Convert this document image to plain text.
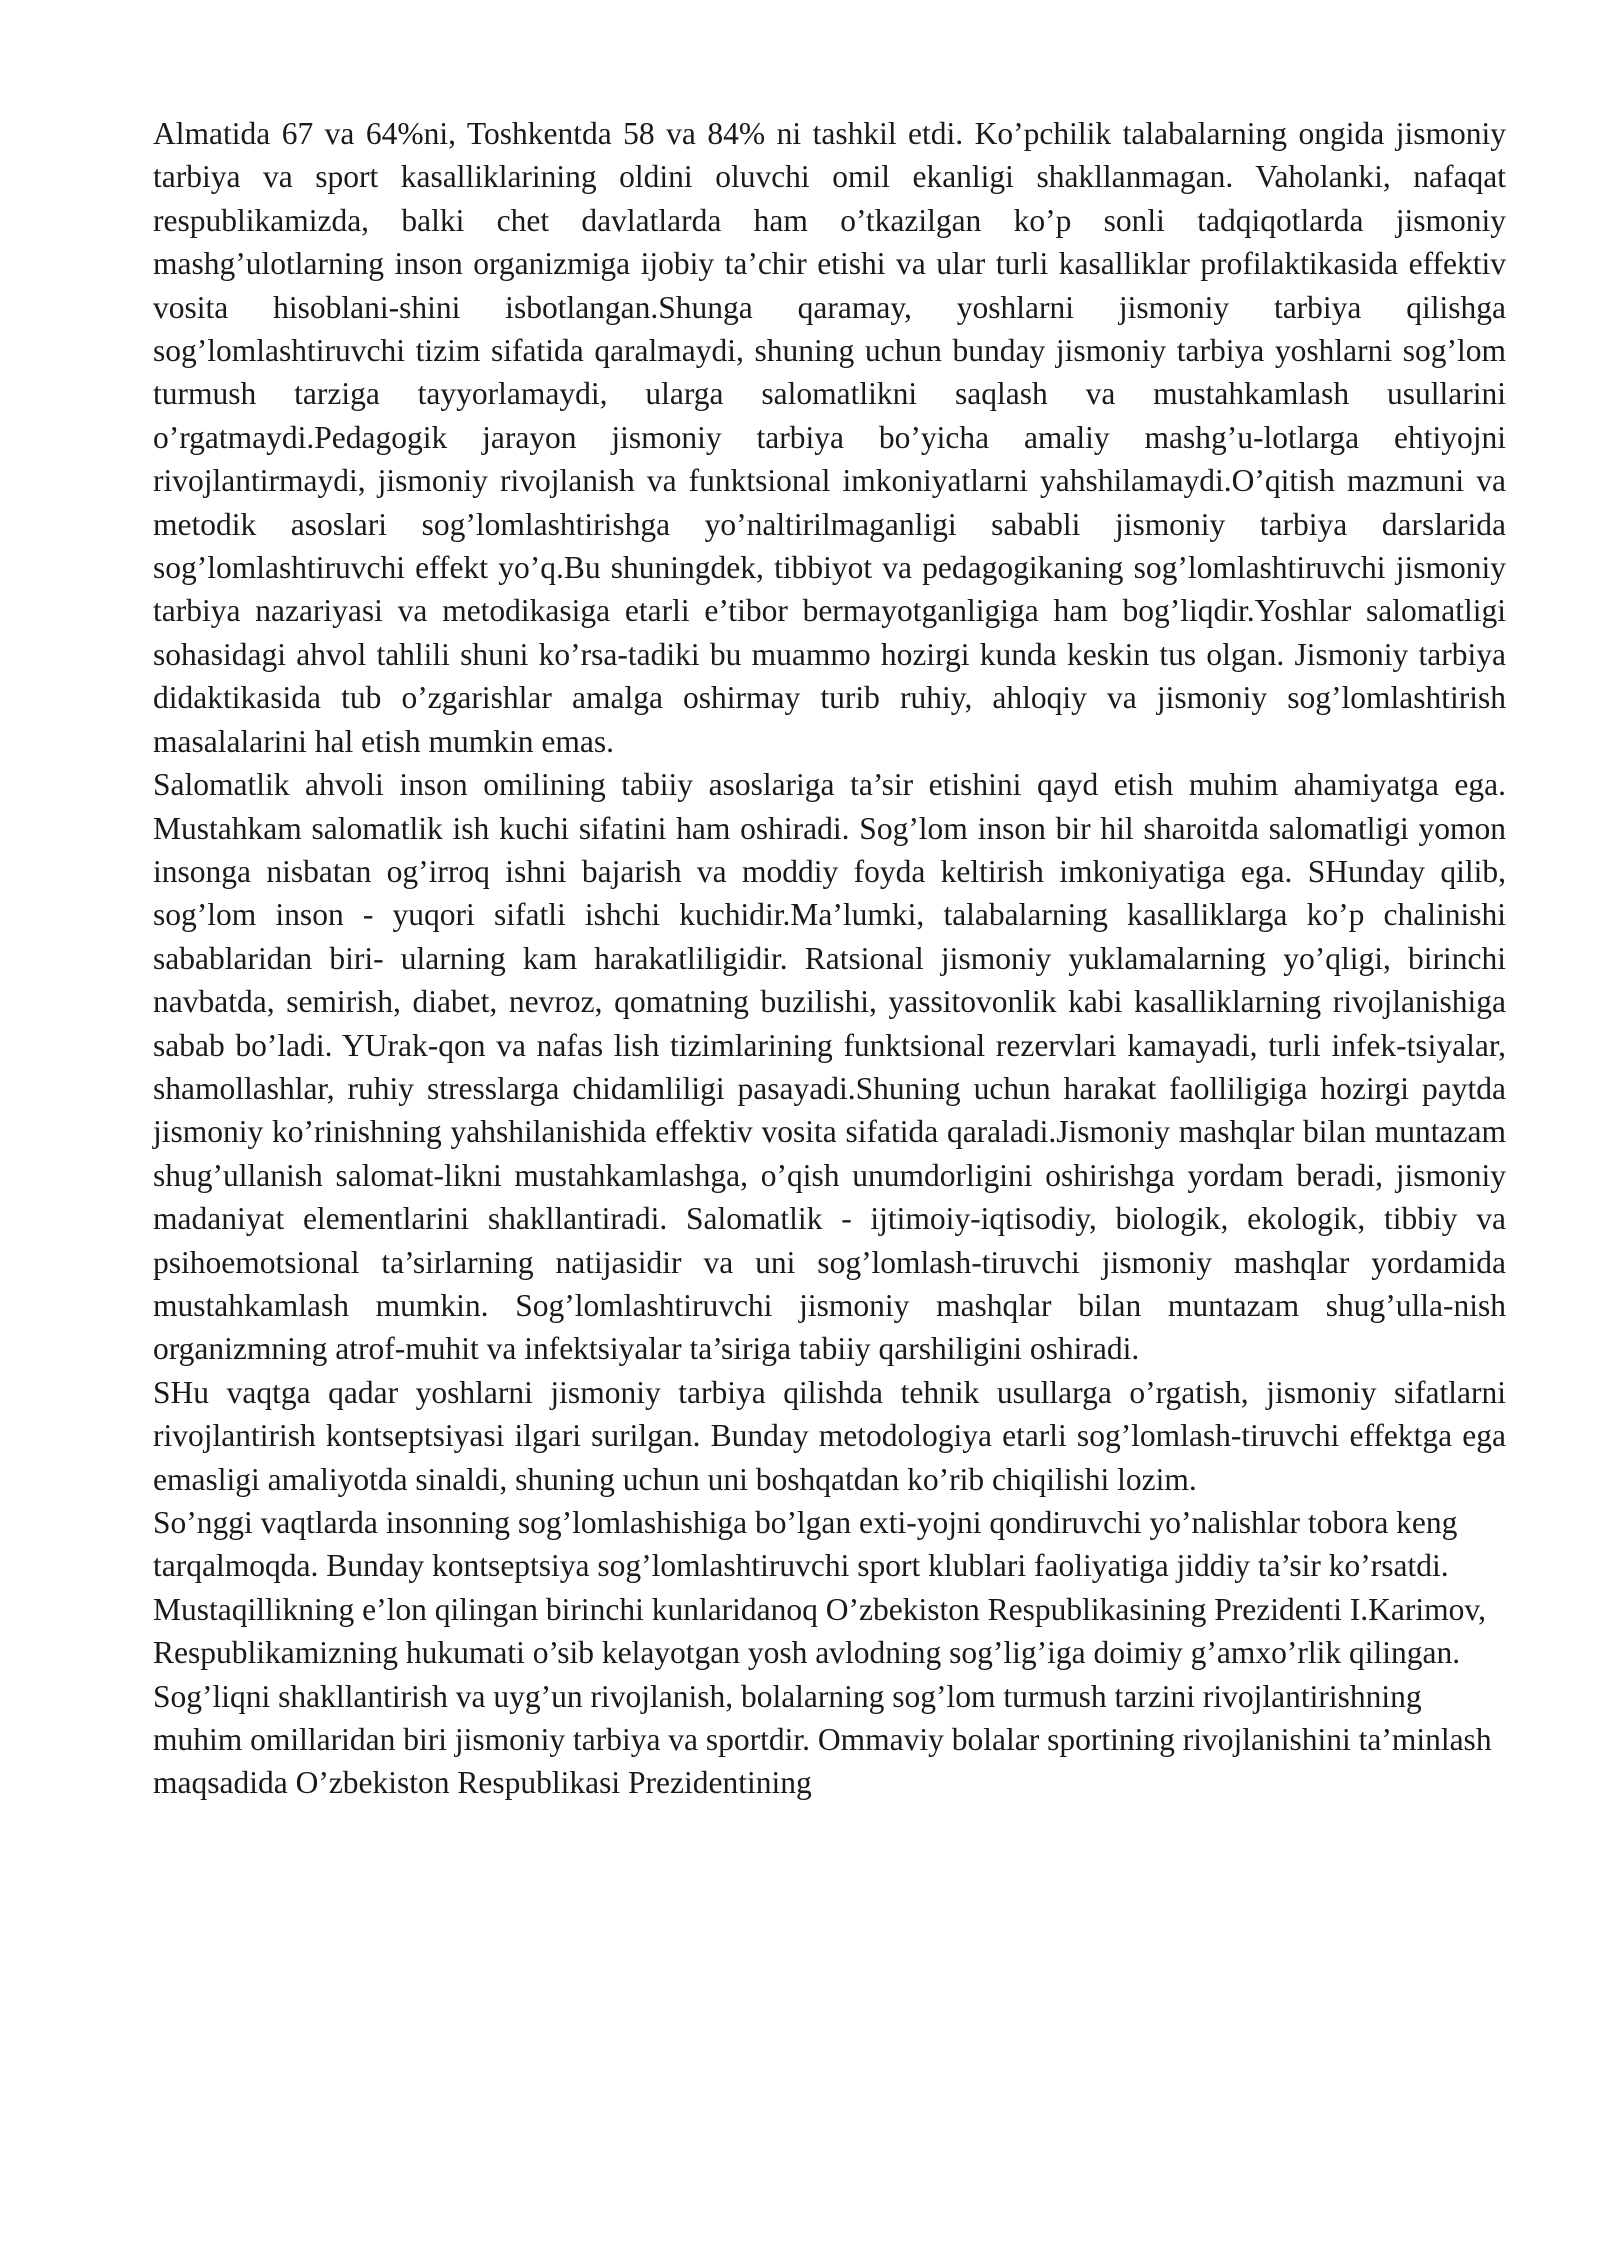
Almatida 67 va 64%ni, Toshkentda 58 va 84% ni tashkil etdi. Ko’pchilik talabalarning ongida jismoniy tarbiya va sport kasalliklarining oldini oluvchi omil ekanligi shakllanmagan. Vaholanki, nafaqat respublikamizda, balki chet davlatlarda ham o’tkazilgan ko’p sonli tadqiqotlarda jismoniy mashg’ulotlarning inson organizmiga ijobiy ta’chir etishi va ular turli kasalliklar profilaktikasida effektiv vosita hisoblani-shini isbotlangan.Shunga qaramay, yoshlarni jismoniy tarbiya qilishga sog’lomlashtiruvchi tizim sifatida qaralmaydi, shuning uchun bunday jismoniy tarbiya yoshlarni sog’lom turmush tarziga tayyorlamaydi, ularga salomatlikni saqlash va mustahkamlash usullarini o’rgatmaydi.Pedagogik jarayon jismoniy tarbiya bo’yicha amaliy mashg’u-lotlarga ehtiyojni rivojlantirmaydi, jismoniy rivojlanish va funktsional imkoniyatlarni yahshilamaydi.O’qitish mazmuni va metodik asoslari sog’lomlashtirishga yo’naltirilmaganligi sababli jismoniy tarbiya darslarida sog’lomlashtiruvchi effekt yo’q.Bu shuningdek, tibbiyot va pedagogikaning sog’lomlashtiruvchi jismoniy tarbiya nazariyasi va metodikasiga etarli e’tibor bermayotganligiga ham bog’liqdir.Yoshlar salomatligi sohasidagi ahvol tahlili shuni ko’rsa-tadiki bu muammo hozirgi kunda keskin tus olgan. Jismoniy tarbiya didaktikasida tub o’zgarishlar amalga oshirmay turib ruhiy, ahloqiy va jismoniy sog’lomlashtirish masalalarini hal etish mumkin emas.

Salomatlik ahvoli inson omilining tabiiy asoslariga ta’sir etishini qayd etish muhim ahamiyatga ega. Mustahkam salomatlik ish kuchi sifatini ham oshiradi. Sog’lom inson bir hil sharoitda salomatligi yomon insonga nisbatan og’irroq ishni bajarish va moddiy foyda keltirish imkoniyatiga ega. SHunday qilib, sog’lom inson - yuqori sifatli ishchi kuchidir.Ma’lumki, talabalarning kasalliklarga ko’p chalinishi sabablaridan biri- ularning kam harakatliligidir. Ratsional jismoniy yuklamalarning yo’qligi, birinchi navbatda, semirish, diabet, nevroz, qomatning buzilishi, yassitovonlik kabi kasalliklarning rivojlanishiga sabab bo’ladi. YUrak-qon va nafas lish tizimlarining funktsional rezervlari kamayadi, turli infek-tsiyalar, shamollashlar, ruhiy stresslarga chidamliligi pasayadi.Shuning uchun harakat faolliligiga hozirgi paytda jismoniy ko’rinishning yahshilanishida effektiv vosita sifatida qaraladi.Jismoniy mashqlar bilan muntazam shug’ullanish salomat-likni mustahkamlashga, o’qish unumdorligini oshirishga yordam beradi, jismoniy madaniyat elementlarini shakllantiradi. Salomatlik - ijtimoiy-iqtisodiy, biologik, ekologik, tibbiy va psihoemotsional ta’sirlarning natijasidir va uni sog’lomlash-tiruvchi jismoniy mashqlar yordamida mustahkamlash mumkin. Sog’lomlashtiruvchi jismoniy mashqlar bilan muntazam shug’ulla-nish organizmning atrof-muhit va infektsiyalar ta’siriga tabiiy qarshiligini oshiradi.

SHu vaqtga qadar yoshlarni jismoniy tarbiya qilishda tehnik usullarga o’rgatish, jismoniy sifatlarni rivojlantirish kontseptsiyasi ilgari surilgan. Bunday metodologiya etarli sog’lomlash-tiruvchi effektga ega emasligi amaliyotda sinaldi, shuning uchun uni boshqatdan ko’rib chiqilishi lozim.

So’nggi vaqtlarda insonning sog’lomlashishiga bo’lgan exti-yojni qondiruvchi yo’nalishlar tobora keng tarqalmoqda. Bunday kontseptsiya sog’lomlashtiruvchi sport klublari faoliyatiga jiddiy ta’sir ko’rsatdi. Mustaqillikning e’lon qilingan birinchi kunlaridanoq O’zbekiston Respublikasining Prezidenti I.Karimov, Respublikamizning hukumati o’sib kelayotgan yosh avlodning sog’lig’iga doimiy g’amxo’rlik qilingan. Sog’liqni shakllantirish va uyg’un rivojlanish, bolalarning sog’lom turmush tarzini rivojlantirishning muhim omillaridan biri jismoniy tarbiya va sportdir. Ommaviy bolalar sportining rivojlanishini ta’minlash maqsadida O’zbekiston Respublikasi Prezidentining
